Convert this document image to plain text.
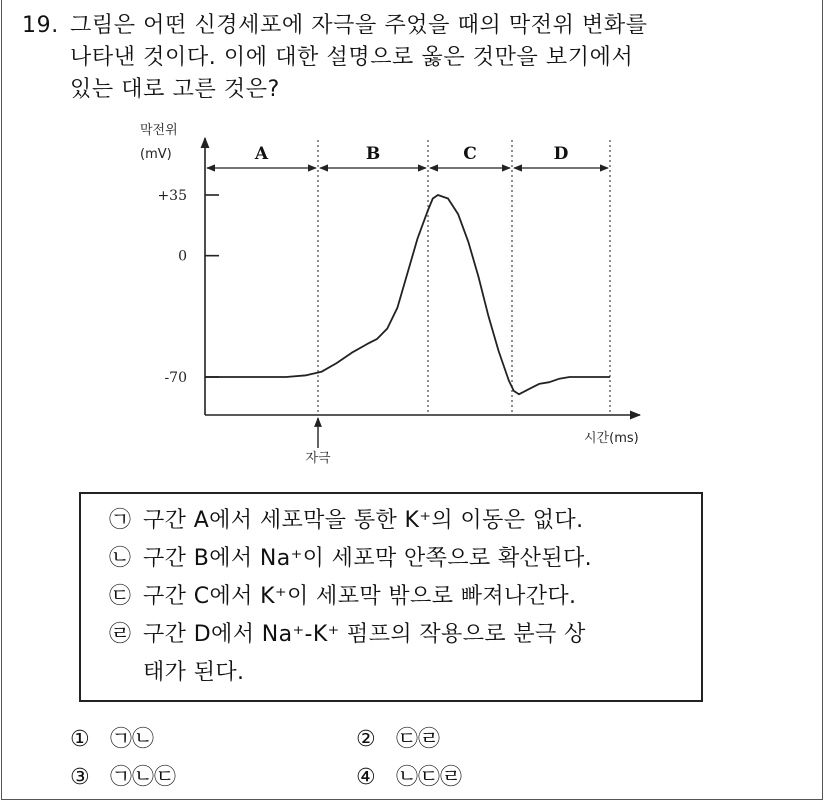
19. 그림은 어떤 신경세포에 자극을 주었을 때의 막전위 변화를
나타낸 것이다. 이에 대한 설명으로 옳은 것만을 보기에서
있는 대로 고른 것은?
A	B	C	D
+35
0
-70
막전위
(mV)
시간(ms)
자극
㉠ 구간 A에서 세포막을 통한 K⁺의 이동은 없다.
㉡ 구간 B에서 Na⁺이 세포막 안쪽으로 확산된다.
㉢ 구간 C에서 K⁺이 세포막 밖으로 빠져나간다.
㉣ 구간 D에서 Na⁺-K⁺ 펌프의 작용으로 분극 상
태가 된다.
① ㉠㉡	② ㉢㉣
③ ㉠㉡㉢	④ ㉡㉢㉣
